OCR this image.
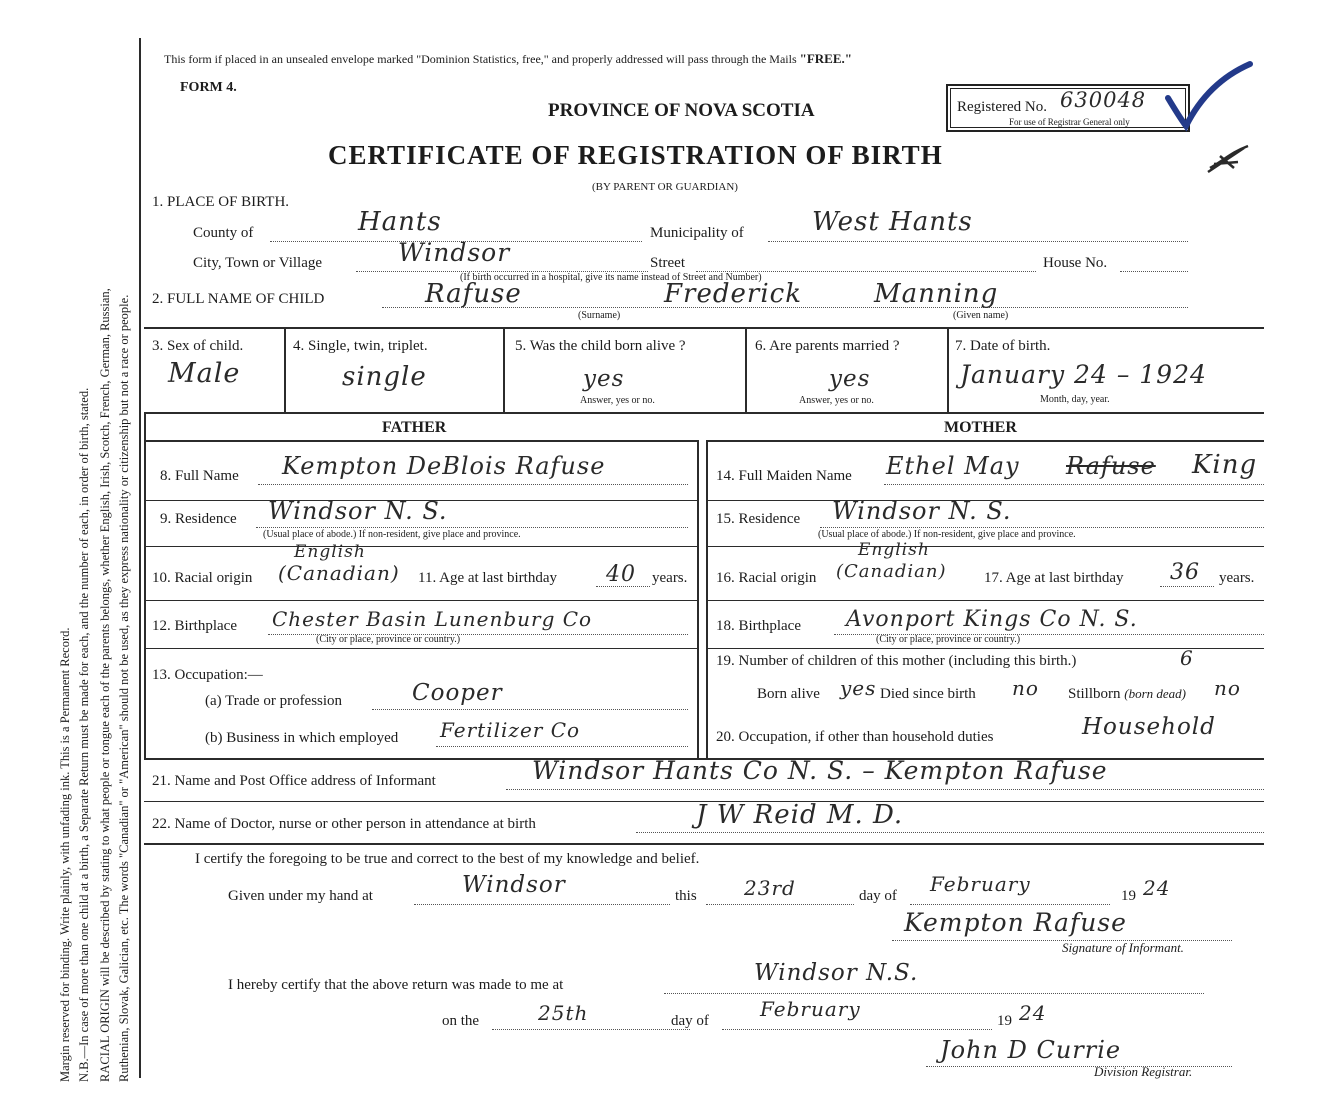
Margin reserved for binding. Write plainly, with unfading ink. This is a Permanent Record. N.B.—In case of more than one child at a birth, a Separate Return must be made for each, and the number of each, in order of birth, stated. RACIAL ORIGIN will be described by stating to what people or tongue each of the parents belongs, whether English, Irish, Scotch, French, German, Russian, Ruthenian, Slovak, Galician, etc. The words "Canadian" or "American" should not be used, as they express nationality or citizenship but not a race or people.
This form if placed in an unsealed envelope marked "Dominion Statistics, free," and properly addressed will pass through the Mails "FREE."
FORM 4.
PROVINCE OF NOVA SCOTIA
CERTIFICATE OF REGISTRATION OF BIRTH
(BY PARENT OR GUARDIAN)
Registered No. 630048
For use of Registrar General only
1. PLACE OF BIRTH.
County of	Hants	Municipality of	West Hants
City, Town or Village	Windsor	Street	House No.
(If birth occurred in a hospital, give its name instead of Street and Number)
2. FULL NAME OF CHILD	Rafuse	Frederick	Manning
(Surname)	(Given name)
3. Sex of child.
Male
4. Single, twin, triplet.
single
5. Was the child born alive ?
yes
Answer, yes or no.
6. Are parents married ?
yes
Answer, yes or no.
7. Date of birth.
January 24 – 1924
Month, day, year.
FATHER	MOTHER
8. Full Name Kempton DeBlois Rafuse
9. Residence Windsor N. S.
(Usual place of abode.) If non-resident, give place and province.
10. Racial origin
English
(Canadian) 11. Age at last birthday 40 years.
12. Birthplace Chester Basin Lunenburg Co
(City or place, province or country.)
13. Occupation:—
(a) Trade or profession	Cooper
(b) Business in which employed Fertilizer Co
14. Full Maiden Name Ethel May Rafuse King
15. Residence Windsor N. S.
(Usual place of abode.) If non-resident, give place and province.
16. Racial origin
English
(Canadian)	17. Age at last birthday 36 years.
18. Birthplace Avonport Kings Co N. S.
(City or place, province or country.)
19. Number of children of this mother (including this birth.)	6
Born alive yes Died since birth no Stillborn (born dead) no
20. Occupation, if other than household duties	Household
21. Name and Post Office address of Informant	Windsor Hants Co N. S. – Kempton Rafuse
22. Name of Doctor, nurse or other person in attendance at birth	J W Reid M. D.
I certify the foregoing to be true and correct to the best of my knowledge and belief.
Given under my hand at	Windsor	this 23rd	day of February	19 24
Kempton Rafuse
Signature of Informant.
I hereby certify that the above return was made to me at	Windsor N.S.
on the	25th	day of	February	19 24
John D Currie
Division Registrar.
